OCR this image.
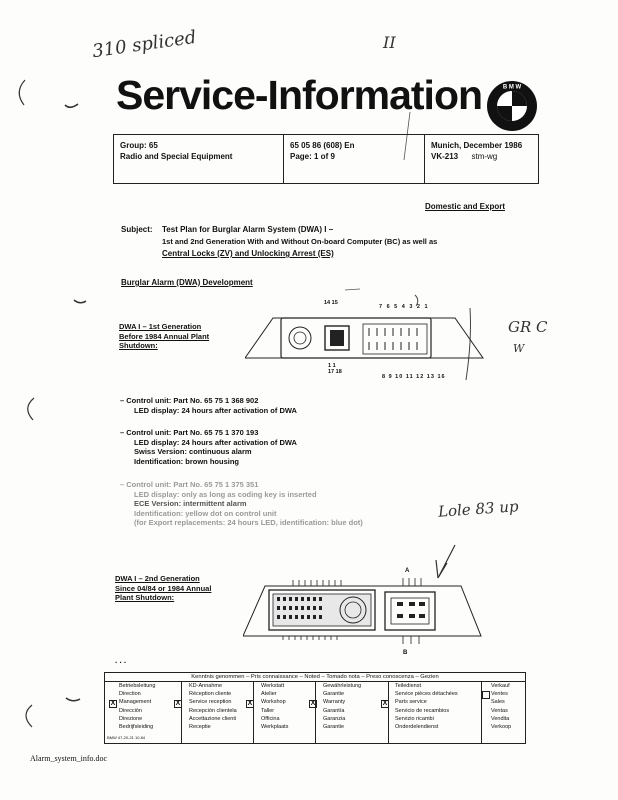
310 spliced	II
GR C
W
Lole 83 up
Service-Information	B M W
Group: 65
Radio and Special Equipment
65 05 86 (608) En
Page: 1 of 9
Munich, December 1986
VK-213 stm-wg
Domestic and Export
Subject: Test Plan for Burglar Alarm System (DWA) I –
1st and 2nd Generation With and Without On-board Computer (BC) as well as
Central Locks (ZV) and Unlocking Arrest (ES)
Burglar Alarm (DWA) Development
DWA I – 1st Generation
Before 1984 Annual Plant
Shutdown:
14 15
7 6 5 4 3 2 1
1 1
17 18
8 9 10 11 12 13 16
– Control unit: Part No. 65 75 1 368 902
LED display: 24 hours after activation of DWA
– Control unit: Part No. 65 75 1 370 193
LED display: 24 hours after activation of DWA
Swiss Version: continuous alarm
Identification: brown housing
– Control unit: Part No. 65 75 1 375 351
LED display: only as long as coding key is inserted
ECE Version: intermittent alarm
Identification: yellow dot on control unit
(for Export replacements: 24 hours LED, identification: blue dot)
DWA I – 2nd Generation
Since 04/84 or 1984 Annual
Plant Shutdown:
A
B
. . .
Kenntnis genommen – Pris connaissance – Noted – Tomado nota – Preso conoscenza – Gezien
Betriebsleitung
Direction
Management
Dirección
Direzione
Bedrijfsleiding
X
KD-Annahme
Réception cliente
Service reception
Recepción clientela
Accettazione clienti
Receptie
X
Werkstatt
Atelier
Workshop
Taller
Officina
Werkplaats
X
Gewährleistung
Garantie
Warranty
Garantía
Garanzia
Garantie
X
Teiledienst
Service pièces détachées
Parts service
Servicio de recambios
Servizio ricambi
Onderdelendienst
X
Verkauf
Ventes
Sales
Ventas
Vendita
Verkoop
BMW 47-20-21 10.84
Alarm_system_info.doc
